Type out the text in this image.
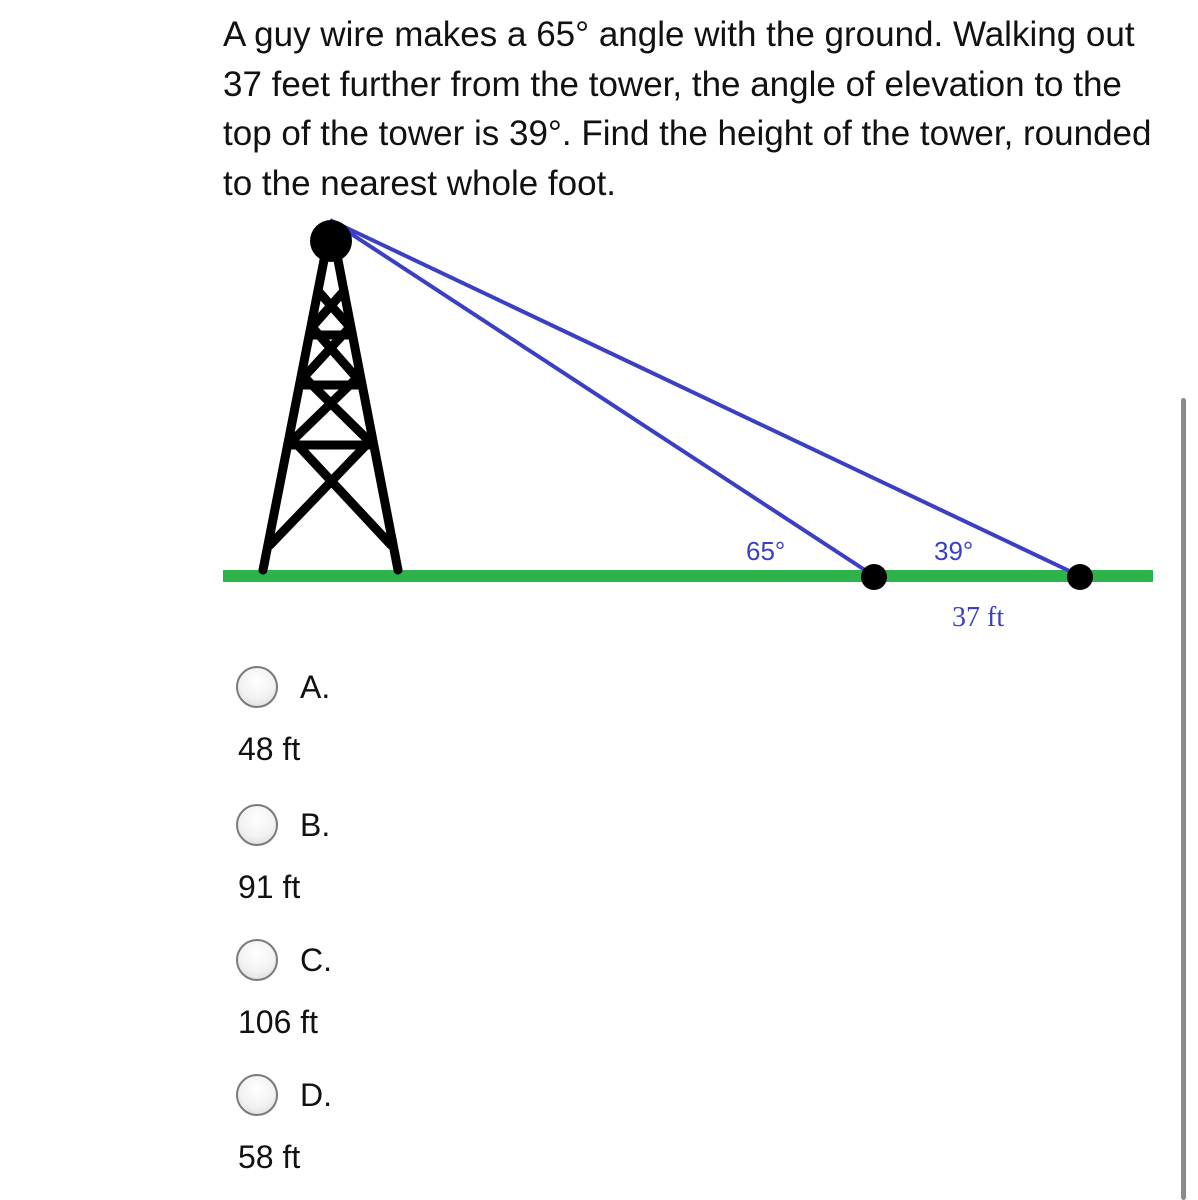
A guy wire makes a 65° angle with the ground. Walking out 37 feet further from the tower, the angle of elevation to the top of the tower is 39°. Find the height of the tower, rounded to the nearest whole foot.

65°	39°
37 ft
A.
48 ft
B.
91 ft
C.
106 ft
D.
58 ft
